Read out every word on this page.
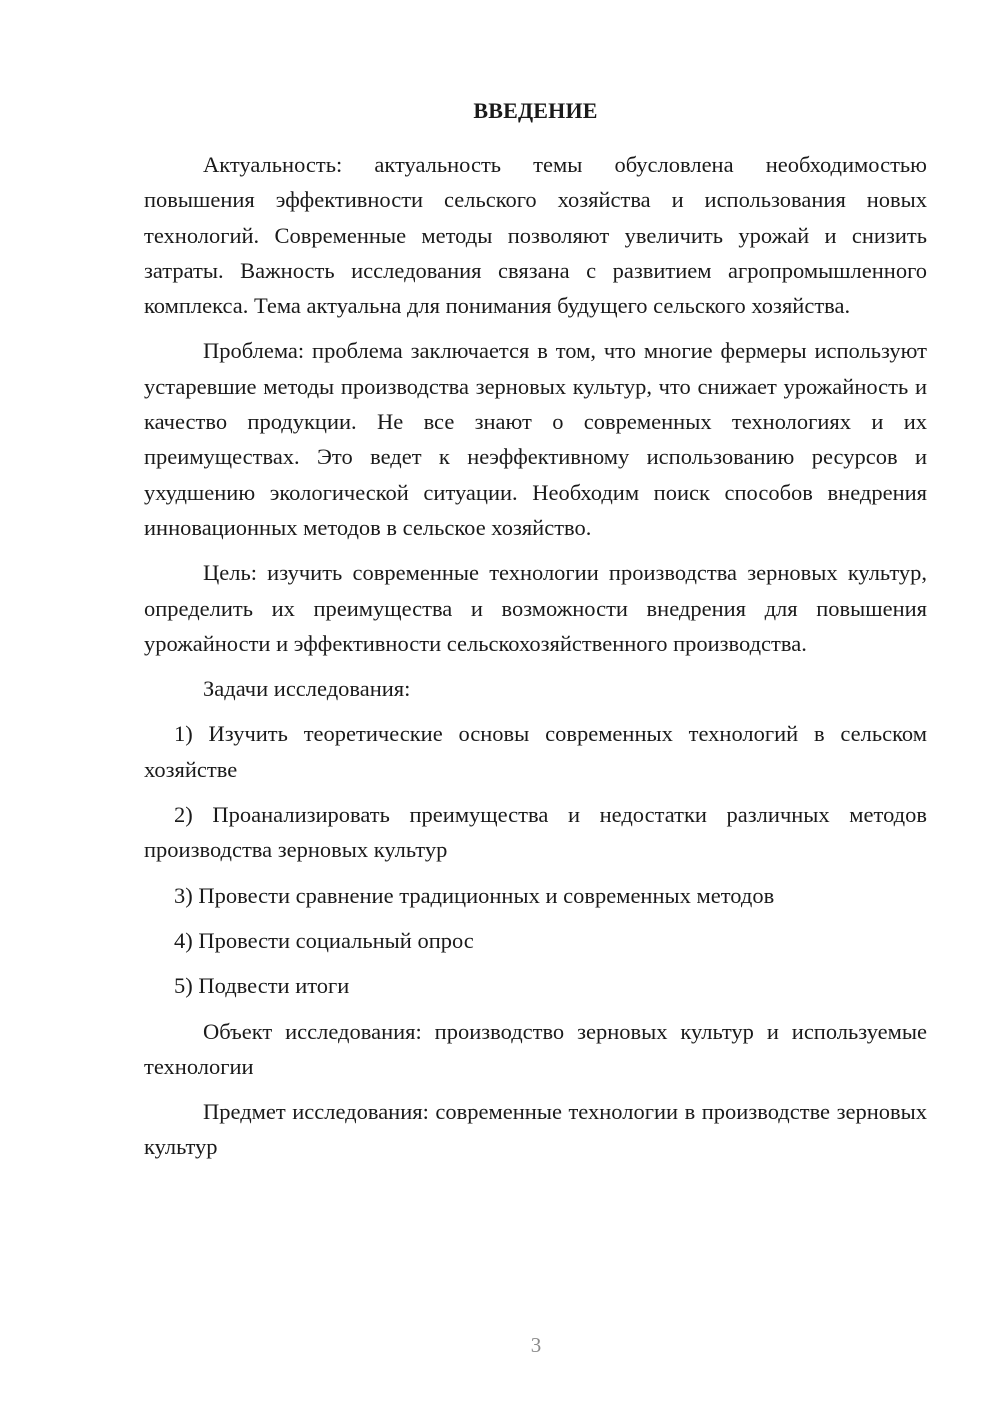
ВВЕДЕНИЕ

Актуальность: актуальность темы обусловлена необходимостью повышения эффективности сельского хозяйства и использования новых технологий. Современные методы позволяют увеличить урожай и снизить затраты. Важность исследования связана с развитием агропромышленного комплекса. Тема актуальна для понимания будущего сельского хозяйства.

Проблема: проблема заключается в том, что многие фермеры используют устаревшие методы производства зерновых культур, что снижает урожайность и качество продукции. Не все знают о современных технологиях и их преимуществах. Это ведет к неэффективному использованию ресурсов и ухудшению экологической ситуации. Необходим поиск способов внедрения инновационных методов в сельское хозяйство.

Цель: изучить современные технологии производства зерновых культур, определить их преимущества и возможности внедрения для повышения урожайности и эффективности сельскохозяйственного производства.

Задачи исследования:

1) Изучить теоретические основы современных технологий в сельском хозяйстве

2) Проанализировать преимущества и недостатки различных методов производства зерновых культур

3) Провести сравнение традиционных и современных методов

4) Провести социальный опрос

5) Подвести итоги

Объект исследования: производство зерновых культур и используемые технологии

Предмет исследования: современные технологии в производстве зерновых культур

3
